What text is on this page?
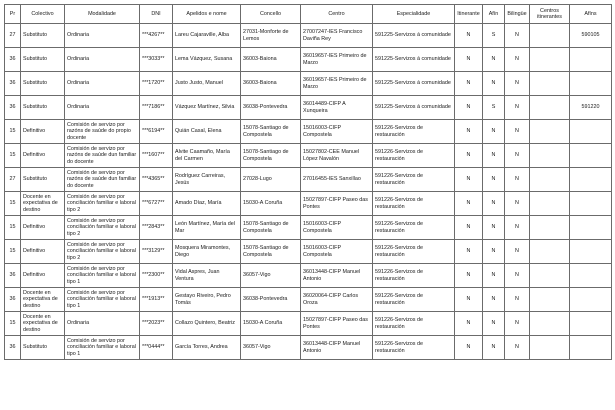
Pr	Colectivo	Modalidade	DNI	Apelidos e nome	Concello	Centro	Especialidade	Itinerante	Afín	Bilingüe	Centros itinerantes	Afíns
27	Substituto	Ordinaria	***4267**	Lareu Cajaraville, Alba	27031-Monforte de Lemos	27007247-IES Francisco Daviña Rey	591225-Servizos á comunidade	N	S	N		590105
36	Substituto	Ordinaria	***3033**	Lema Vázquez, Susana	36003-Baiona	36019657-IES Primeiro de Marzo	591225-Servizos á comunidade	N	N	N		
36	Substituto	Ordinaria	***1720**	Justo Justo, Manuel	36003-Baiona	36019657-IES Primeiro de Marzo	591225-Servizos á comunidade	N	N	N		
36	Substituto	Ordinaria	***7186**	Vázquez Martínez, Silvia	36038-Pontevedra	36014489-CIFP A Xunqueira	591225-Servizos á comunidade	N	S	N		591220
15	Definitivo	Comisión de servizo por razóns de saúde do propio docente	***6194**	Quián Casal, Elena	15078-Santiago de Compostela	15016003-CIFP Compostela	591226-Servizos de restauración	N	N	N		
15	Definitivo	Comisión de servizo por razóns de saúde dun familiar do docente	***1607**	Alvite Caamaño, María del Carmen	15078-Santiago de Compostela	15027802-CEE Manuel López Navalón	591226-Servizos de restauración	N	N	N		
27	Substituto	Comisión de servizo por razóns de saúde dun familiar do docente	***4365**	Rodríguez Carreiras, Jesús	27028-Lugo	27016455-IES Sanxillao	591226-Servizos de restauración	N	N	N		
15	Docente en expectativa de destino	Comisión de servizo por conciliación familiar e laboral tipo 2	***6727**	Amado Díaz, María	15030-A Coruña	15027897-CIFP Paseo das Pontes	591226-Servizos de restauración	N	N	N		
15	Definitivo	Comisión de servizo por conciliación familiar e laboral tipo 2	***2843**	León Martínez, María del Mar	15078-Santiago de Compostela	15016003-CIFP Compostela	591226-Servizos de restauración	N	N	N		
15	Definitivo	Comisión de servizo por conciliación familiar e laboral tipo 2	***3129**	Mosquera Miramontes, Diego	15078-Santiago de Compostela	15016003-CIFP Compostela	591226-Servizos de restauración	N	N	N		
36	Definitivo	Comisión de servizo por conciliación familiar e laboral tipo 1	***2300**	Vidal Aspres, Juan Ventura	36057-Vigo	36013448-CIFP Manuel Antonio	591226-Servizos de restauración	N	N	N		
36	Docente en expectativa de destino	Comisión de servizo por conciliación familiar e laboral tipo 1	***1913**	Gestayo Riveiro, Pedro Tomás	36038-Pontevedra	36020064-CIFP Carlos Oroza	591226-Servizos de restauración	N	N	N		
15	Docente en expectativa de destino	Ordinaria	***2023**	Collazo Quintero, Beatriz	15030-A Coruña	15027897-CIFP Paseo das Pontes	591226-Servizos de restauración	N	N	N		
36	Substituto	Comisión de servizo por conciliación familiar e laboral tipo 1	***0444**	García Torres, Andrea	36057-Vigo	36013448-CIFP Manuel Antonio	591226-Servizos de restauración	N	N	N		
